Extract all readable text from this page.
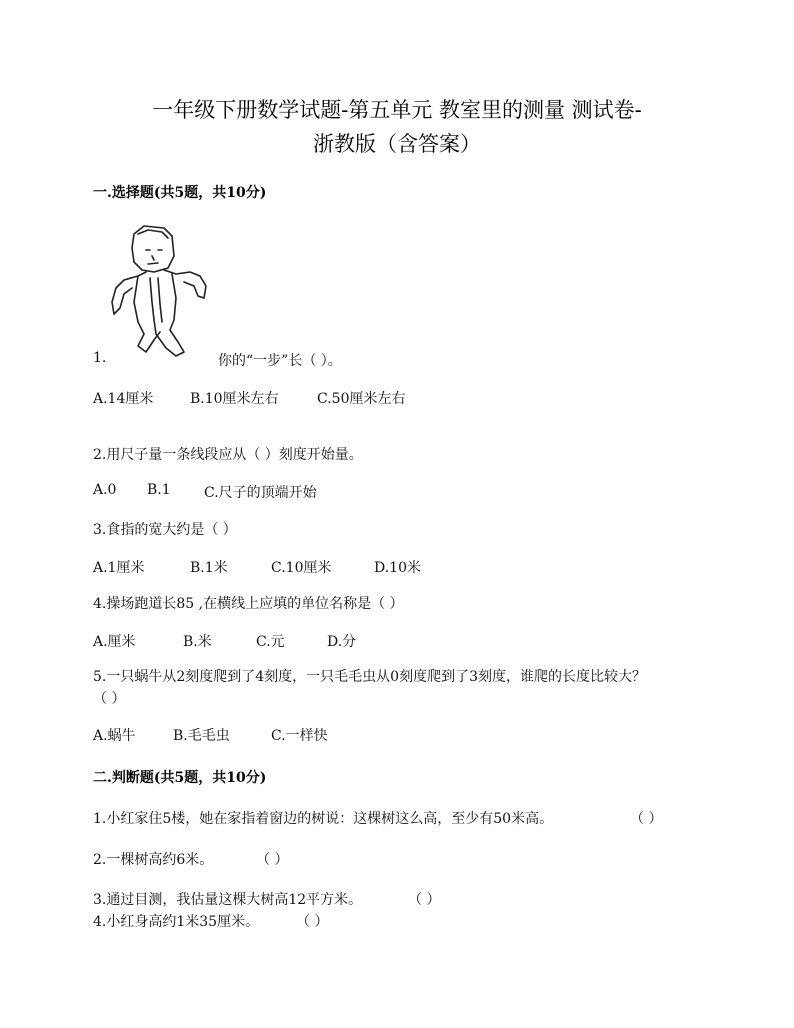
一年级下册数学试题-第五单元 教室里的测量 测试卷-
浙教版（含答案）
一.选择题(共5题，共10分)
1.	你的“一步”长（ ）。
A.14厘米	B.10厘米左右	C.50厘米左右
2.用尺子量一条线段应从（ ）刻度开始量。
A.0 B.1 C.尺子的顶端开始
3.食指的宽大约是（ ）
A.1厘米	B.1米	C.10厘米	D.10米
4.操场跑道长85 ,在横线上应填的单位名称是（ ）
A.厘米	B.米	C.元	D.分
5.一只蜗牛从2刻度爬到了4刻度，一只毛毛虫从0刻度爬到了3刻度，谁爬的长度比较大？
（ ）
A.蜗牛	B.毛毛虫	C.一样快
二.判断题(共5题，共10分)
1.小红家住5楼，她在家指着窗边的树说：这棵树这么高，至少有50米高。	（ ）
2.一棵树高约6米。	（ ）
3.通过目测，我估量这棵大树高12平方米。	（ ）
4.小红身高约1米35厘米。	（ ）
